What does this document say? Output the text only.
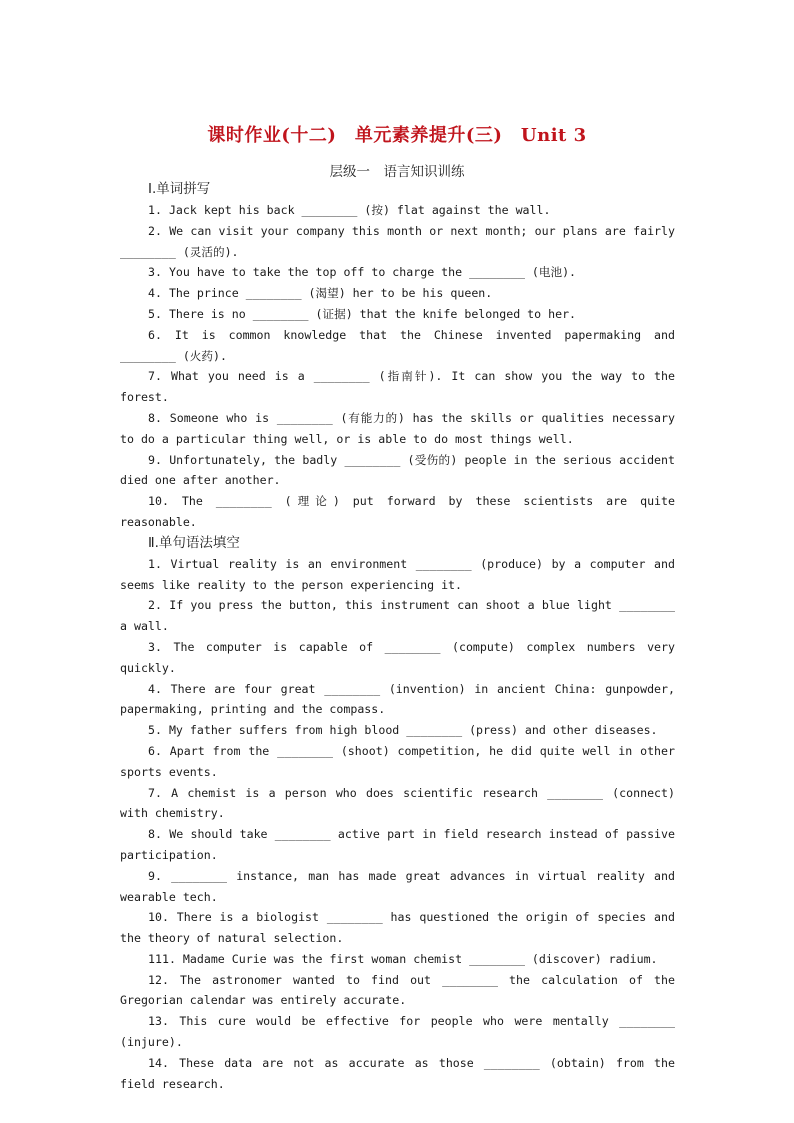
课时作业(十二)　单元素养提升(三)　Unit 3
层级一　语言知识训练
Ⅰ.单词拼写
1. Jack kept his back ________ (按) flat against the wall.
2. We can visit your company this month or next month; our plans are fairly ________ (灵活的).
3. You have to take the top off to charge the ________ (电池).
4. The prince ________ (渴望) her to be his queen.
5. There is no ________ (证据) that the knife belonged to her.
6. It is common knowledge that the Chinese invented papermaking and ________ (火药).
7. What you need is a ________ (指南针). It can show you the way to the forest.
8. Someone who is ________ (有能力的) has the skills or qualities necessary to do a particular thing well, or is able to do most things well.
9. Unfortunately, the badly ________ (受伤的) people in the serious accident died one after another.
10. The ________ (理论) put forward by these scientists are quite reasonable.
Ⅱ.单句语法填空
1. Virtual reality is an environment ________ (produce) by a computer and seems like reality to the person experiencing it.
2. If you press the button, this instrument can shoot a blue light ________ a wall.
3. The computer is capable of ________ (compute) complex numbers very quickly.
4. There are four great ________ (invention) in ancient China: gunpowder, papermaking, printing and the compass.
5. My father suffers from high blood ________ (press) and other diseases.
6. Apart from the ________ (shoot) competition, he did quite well in other sports events.
7. A chemist is a person who does scientific research ________ (connect) with chemistry.
8. We should take ________ active part in field research instead of passive participation.
9. ________ instance, man has made great advances in virtual reality and wearable tech.
10. There is a biologist ________ has questioned the origin of species and the theory of natural selection.
111. Madame Curie was the first woman chemist ________ (discover) radium.
12. The astronomer wanted to find out ________ the calculation of the Gregorian calendar was entirely accurate.
13. This cure would be effective for people who were mentally ________ (injure).
14. These data are not as accurate as those ________ (obtain) from the field research.
